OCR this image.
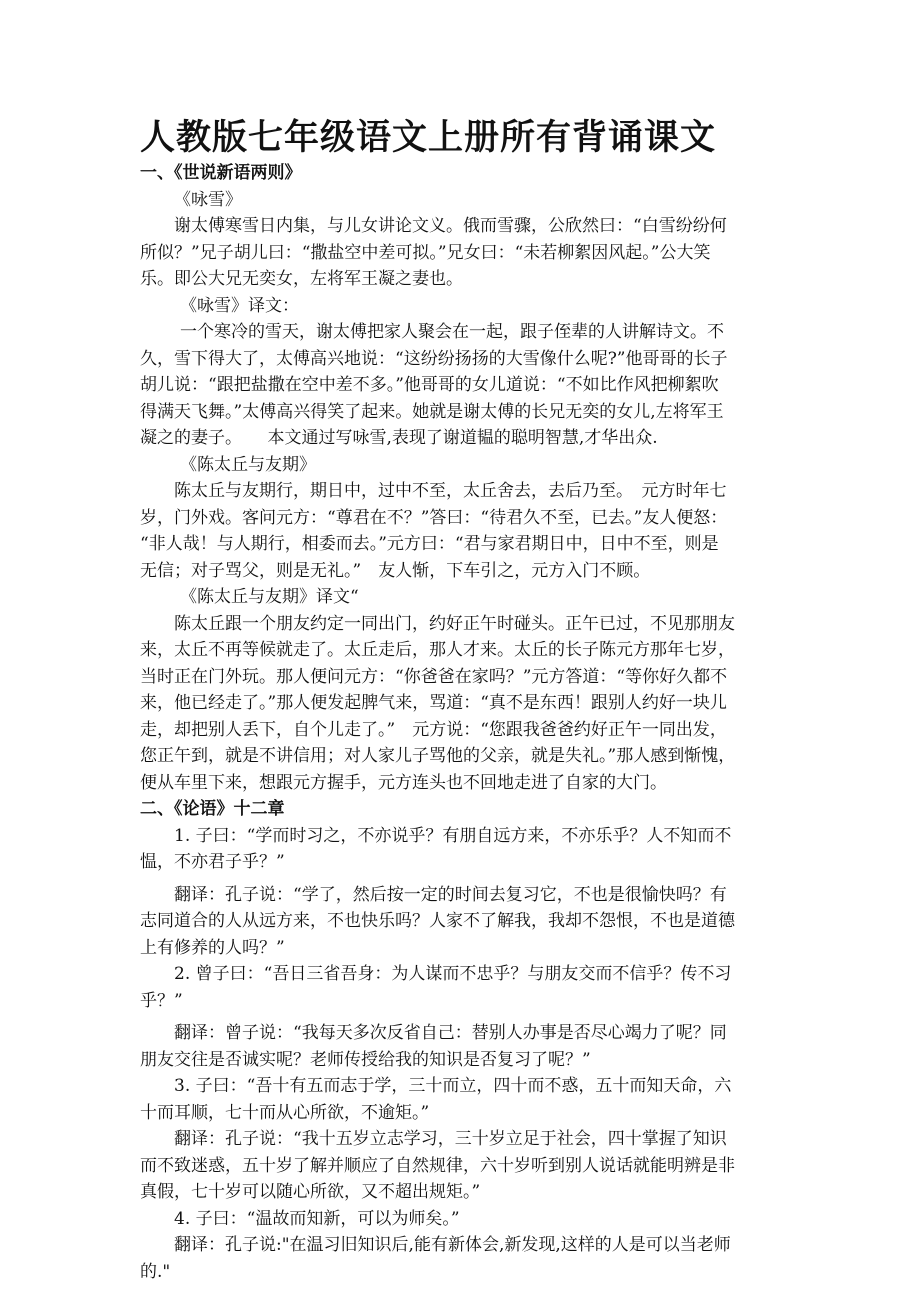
人教版七年级语文上册所有背诵课文
一、《世说新语两则》
《咏雪》
谢太傅寒雪日内集，与儿女讲论文义。俄而雪骤，公欣然曰：“白雪纷纷何
所似？”兄子胡儿曰：“撒盐空中差可拟。”兄女曰：“未若柳絮因风起。”公大笑
乐。即公大兄无奕女，左将军王凝之妻也。
《咏雪》译文：
一个寒冷的雪天，谢太傅把家人聚会在一起，跟子侄辈的人讲解诗文。不
久，雪下得大了，太傅高兴地说：“这纷纷扬扬的大雪像什么呢?”他哥哥的长子
胡儿说：“跟把盐撒在空中差不多。”他哥哥的女儿道说：“不如比作风把柳絮吹
得满天飞舞。”太傅高兴得笑了起来。她就是谢太傅的长兄无奕的女儿,左将军王
凝之的妻子。　　本文通过写咏雪,表现了谢道韫的聪明智慧,才华出众.
《陈太丘与友期》
陈太丘与友期行，期日中，过中不至，太丘舍去，去后乃至。　元方时年七
岁，门外戏。客问元方：“尊君在不？”答曰：“待君久不至，已去。”友人便怒：
“非人哉！与人期行，相委而去。”元方曰：“君与家君期日中，日中不至，则是
无信；对子骂父，则是无礼。”　友人惭，下车引之，元方入门不顾。
《陈太丘与友期》译文“
陈太丘跟一个朋友约定一同出门，约好正午时碰头。正午已过，不见那朋友
来，太丘不再等候就走了。太丘走后，那人才来。太丘的长子陈元方那年七岁，
当时正在门外玩。那人便问元方：“你爸爸在家吗？”元方答道：“等你好久都不
来，他已经走了。”那人便发起脾气来，骂道：“真不是东西！跟别人约好一块儿
走，却把别人丢下，自个儿走了。”　元方说：“您跟我爸爸约好正午一同出发，
您正午到，就是不讲信用；对人家儿子骂他的父亲，就是失礼。”那人感到惭愧，
便从车里下来，想跟元方握手，元方连头也不回地走进了自家的大门。
二、《论语》十二章
1. 子曰：“学而时习之，不亦说乎？有朋自远方来，不亦乐乎？人不知而不
愠，不亦君子乎？”
翻译：孔子说：“学了，然后按一定的时间去复习它，不也是很愉快吗？有
志同道合的人从远方来，不也快乐吗？人家不了解我，我却不怨恨，不也是道德
上有修养的人吗？”
2. 曾子曰：“吾日三省吾身：为人谋而不忠乎？与朋友交而不信乎？传不习
乎？”
翻译：曾子说：“我每天多次反省自己：替别人办事是否尽心竭力了呢？同
朋友交往是否诚实呢？老师传授给我的知识是否复习了呢？”
3. 子曰：“吾十有五而志于学，三十而立，四十而不惑，五十而知天命，六
十而耳顺，七十而从心所欲，不逾矩。”
翻译：孔子说：“我十五岁立志学习，三十岁立足于社会，四十掌握了知识
而不致迷惑，五十岁了解并顺应了自然规律，六十岁听到别人说话就能明辨是非
真假，七十岁可以随心所欲，又不超出规矩。”
4. 子曰：“温故而知新，可以为师矣。”
翻译：孔子说:"在温习旧知识后,能有新体会,新发现,这样的人是可以当老师
的."
